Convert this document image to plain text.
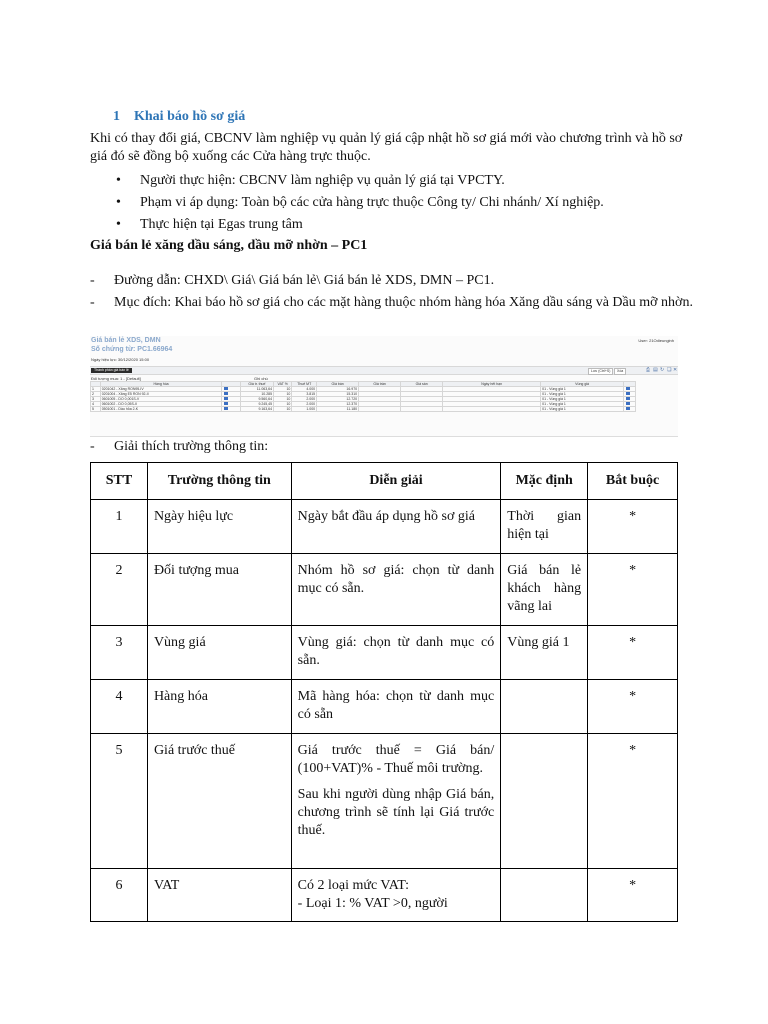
1 Khai báo hồ sơ giá
Khi có thay đổi giá, CBCNV làm nghiệp vụ quản lý giá cập nhật hồ sơ giá mới vào chương trình và hồ sơ giá đó sẽ đồng bộ xuống các Cửa hàng trực thuộc.
• Người thực hiện: CBCNV làm nghiệp vụ quản lý giá tại VPCTY.
• Phạm vi áp dụng: Toàn bộ các cửa hàng trực thuộc Công ty/ Chi nhánh/ Xí nghiệp.
• Thực hiện tại Egas trung tâm
Giá bán lẻ xăng dầu sáng, dầu mỡ nhờn – PC1
- Đường dẫn: CHXD\ Giá\ Giá bán lẻ\ Giá bán lẻ XDS, DMN – PC1.
- Mục đích: Khai báo hồ sơ giá cho các mặt hàng thuộc nhóm hàng hóa Xăng dầu sáng và Dầu mỡ nhờn.
Giá bán lẻ XDS, DMN
Số chứng từ: PC1.66964
User: 21Odieunginh
Ngày hiệu lực: 30/12/2020 15:00
Thành phần giá bán lẻ	Lưu (Ctrl+S)	Xóa	⎙ ▤ ↻ ❏ ✕
Đối tượng mua: 1 - [Default]	Ghi chú
	Hàng hóa		Giá tr. thuế	VAT %	Thuế MT	Giá bán	Giá trần	Giá sàn	Ngày hết hạn	Vùng giá	
1	0201042 - Xăng RON95-IV		11.063,64	10	4.000	16.970				01 - Vùng giá 1	
2	0201004 - Xăng E5 RON 92-II		10.285	10	3.815	15.310				01 - Vùng giá 1	
3	0601005 - DO 0,001S-V		9.560,64	10	2.000	12.720				01 - Vùng giá 1	
4	0601002 - DO 0,05S-II		9.245,45	10	2.000	12.370				01 - Vùng giá 1	
5	0501001 - Dầu hỏa 2-K		9.163,64	10	1.000	11.180				01 - Vùng giá 1	
- Giải thích trường thông tin:
STT	Trường thông tin	Diễn giải	Mặc định	Bắt buộc
1	Ngày hiệu lực	Ngày bắt đầu áp dụng hồ sơ giá	Thời gian hiện tại	*
2	Đối tượng mua	Nhóm hồ sơ giá: chọn từ danh mục có sẵn.	Giá bán lẻ khách hàng vãng lai	*
3	Vùng giá	Vùng giá: chọn từ danh mục có sẵn.	Vùng giá 1	*
4	Hàng hóa	Mã hàng hóa: chọn từ danh mục có sẵn		*
5	Giá trước thuế	Giá trước thuế = Giá bán/ (100+VAT)% - Thuế môi trường.

Sau khi người dùng nhập Giá bán, chương trình sẽ tính lại Giá trước thuế.		*
6	VAT	Có 2 loại mức VAT:
- Loại 1: % VAT >0, người		*
